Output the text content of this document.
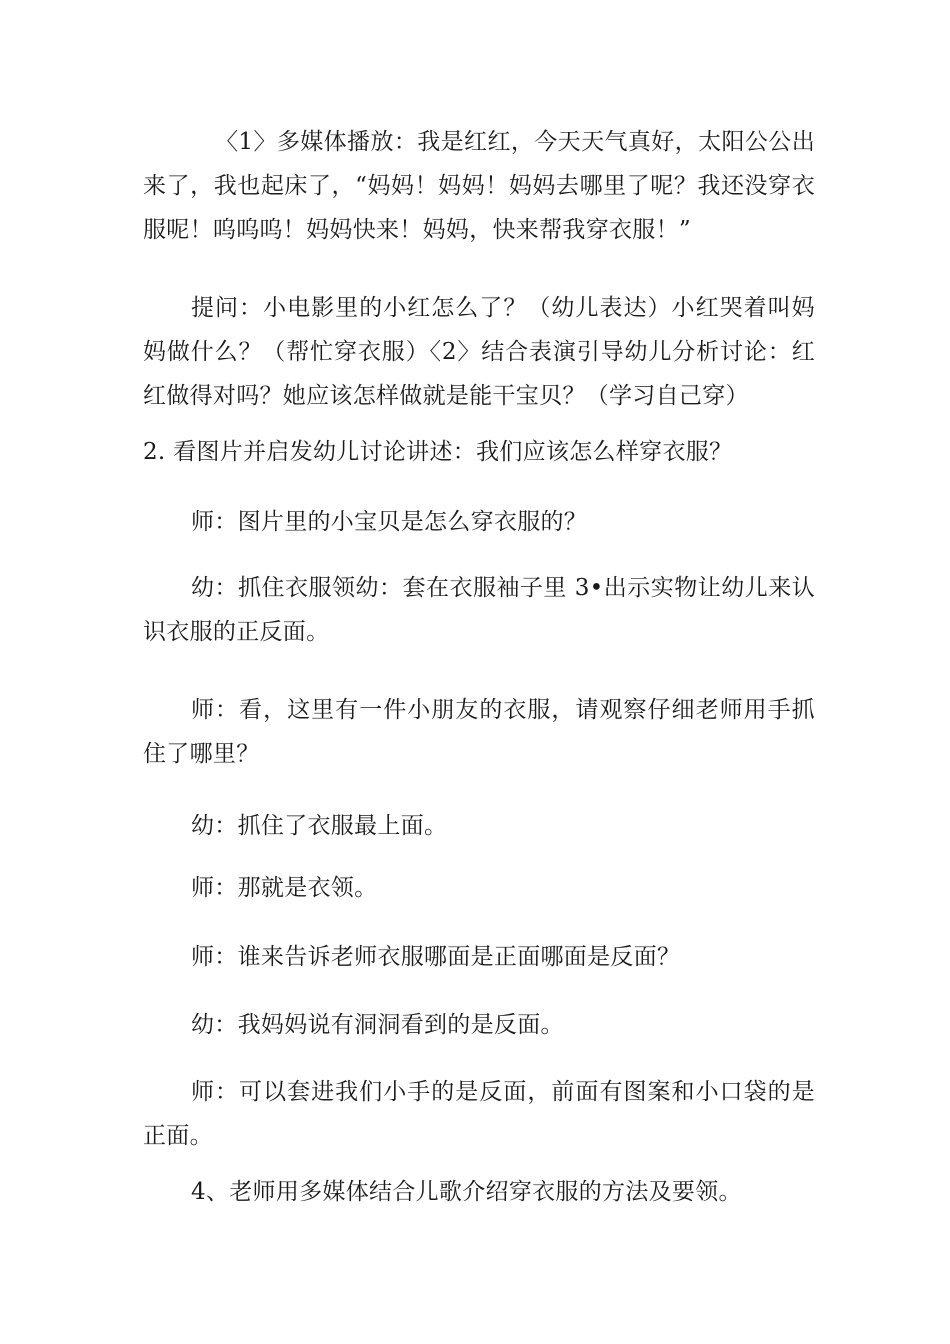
〈1〉多媒体播放：我是红红，今天天气真好，太阳公公出来了，我也起床了，“妈妈！妈妈！妈妈去哪里了呢？我还没穿衣服呢！呜呜呜！妈妈快来！妈妈，快来帮我穿衣服！”

提问：小电影里的小红怎么了？（幼儿表达）小红哭着叫妈妈做什么？（帮忙穿衣服）〈2〉结合表演引导幼儿分析讨论：红红做得对吗？她应该怎样做就是能干宝贝？（学习自己穿）

2. 看图片并启发幼儿讨论讲述：我们应该怎么样穿衣服？

师：图片里的小宝贝是怎么穿衣服的？

幼：抓住衣服领幼：套在衣服袖子里 3•出示实物让幼儿来认识衣服的正反面。

师：看，这里有一件小朋友的衣服，请观察仔细老师用手抓住了哪里？

幼：抓住了衣服最上面。

师：那就是衣领。

师：谁来告诉老师衣服哪面是正面哪面是反面？

幼：我妈妈说有洞洞看到的是反面。

师：可以套进我们小手的是反面，前面有图案和小口袋的是正面。

4、老师用多媒体结合儿歌介绍穿衣服的方法及要领。
